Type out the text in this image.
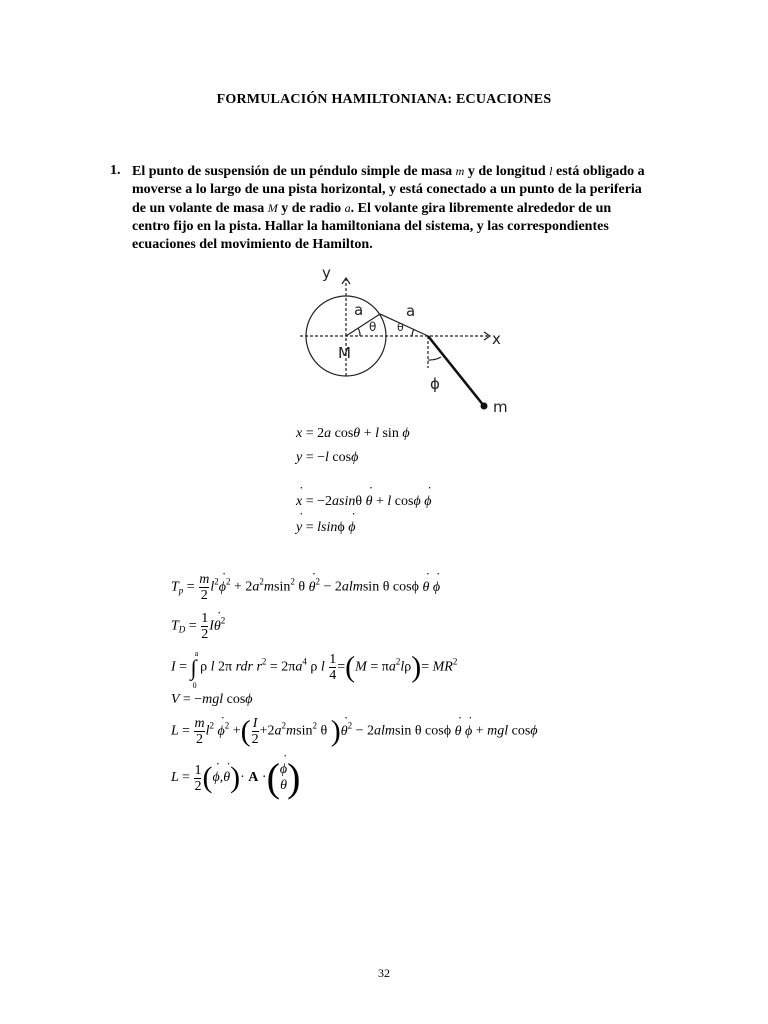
FORMULACIÓN HAMILTONIANA: ECUACIONES
1. El punto de suspensión de un péndulo simple de masa m y de longitud l está obligado a moverse a lo largo de una pista horizontal, y está conectado a un punto de la periferia de un volante de masa M y de radio a. El volante gira libremente alrededor de un centro fijo en la pista. Hallar la hamiltoniana del sistema, y las correspondientes ecuaciones del movimiento de Hamilton.
y
x
M
m
a	a
θ θ
ϕ
x = 2a cosθ + l sin ϕ
y = −l cosϕ
˙ x = −2asinθ ˙ θ + l cosϕ ˙ ϕ
˙ y = lsinϕ ˙ ϕ
$T_p = \frac{m}{2}$ $l^2˙$ $\phi^2 + 2a^2msin^2$ θ ˙ $\theta^2 - 2almsin$ θ cosϕ ˙ θ ˙ ϕ
$T_D = \frac{1}{2}$ I˙ $\theta^2$
I = ∫
a
0
ρ l 2π rdr $r^2 = 2\pi a^4$ ρ l $\frac{1}{4} =(M = \pi a^2l\rho)= MR^2$
V = −mgl cosϕ
$L = \frac{m}{2} l^2$ ˙ $\phi^2$ +( $\frac{I}{2} +2a^2msin^2$ θ )˙ $\theta^2 - 2almsin$ θ cosϕ ˙ θ ˙ ϕ + mgl cosϕ
$L = \frac{1}{2}$ (˙ ϕ,˙ θ)· A ·( ˙ ϕ
˙ θ )
32
